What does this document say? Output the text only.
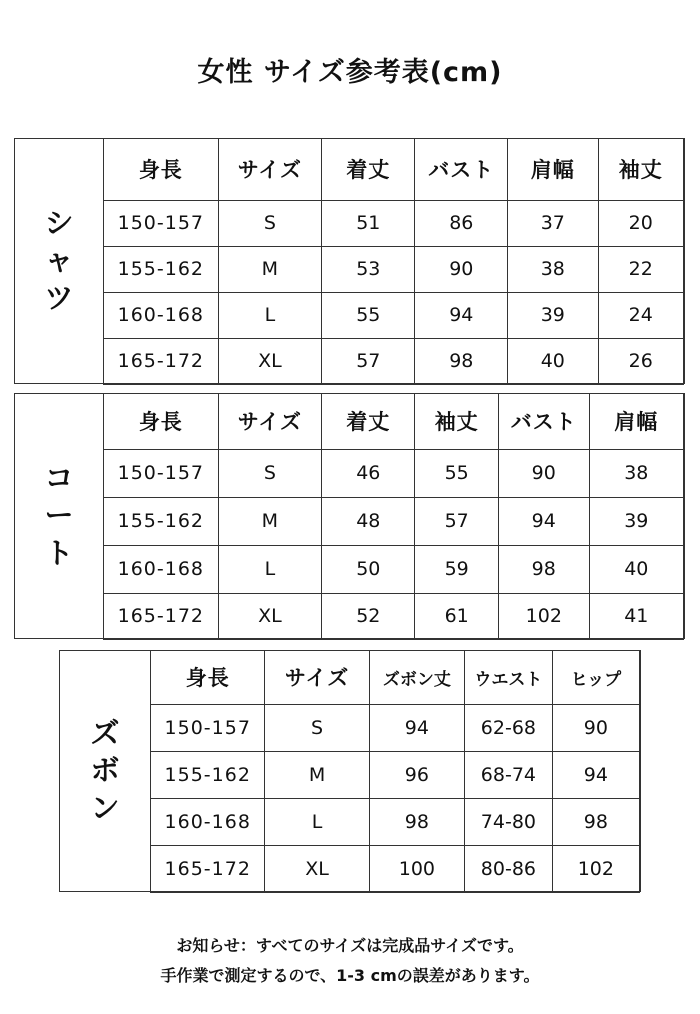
女性 サイズ参考表(cm)
シ
ャ
ツ
身長	サイズ	着丈	バスト	肩幅	袖丈
150-157	S	51	86	37	20
155-162	M	53	90	38	22
160-168	L	55	94	39	24
165-172	XL	57	98	40	26
コ
ー
ト
身長	サイズ	着丈	袖丈	バスト	肩幅
150-157	S	46	55	90	38
155-162	M	48	57	94	39
160-168	L	50	59	98	40
165-172	XL	52	61	102	41
ズ
ボ
ン
身長	サイズ	ズボン丈	ウエスト	ヒップ
150-157	S	94	62-68	90
155-162	M	96	68-74	94
160-168	L	98	74-80	98
165-172	XL	100	80-86	102
お知らせ：すべてのサイズは完成品サイズです。
手作業で測定するので、1-3 cmの誤差があります。
